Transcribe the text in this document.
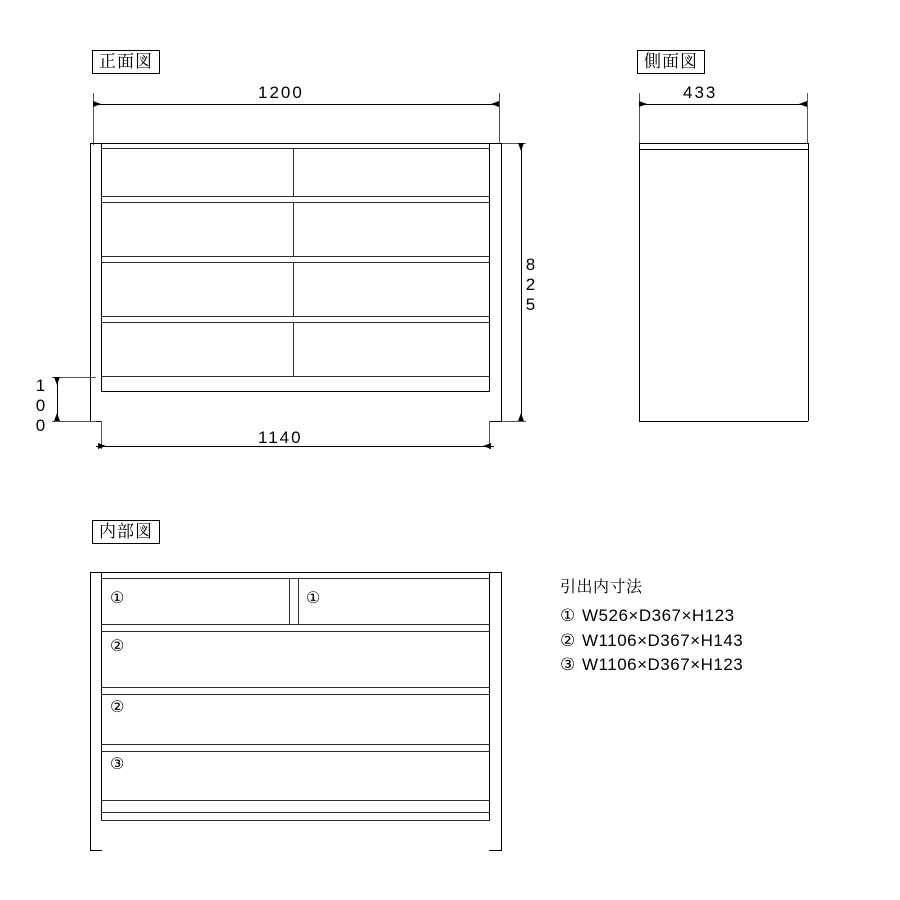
正面図
1200
825
100
1140
側面図
433
内部図
①	①
②
②
③
引出内寸法
① W526×D367×H123
② W1106×D367×H143
③ W1106×D367×H123
